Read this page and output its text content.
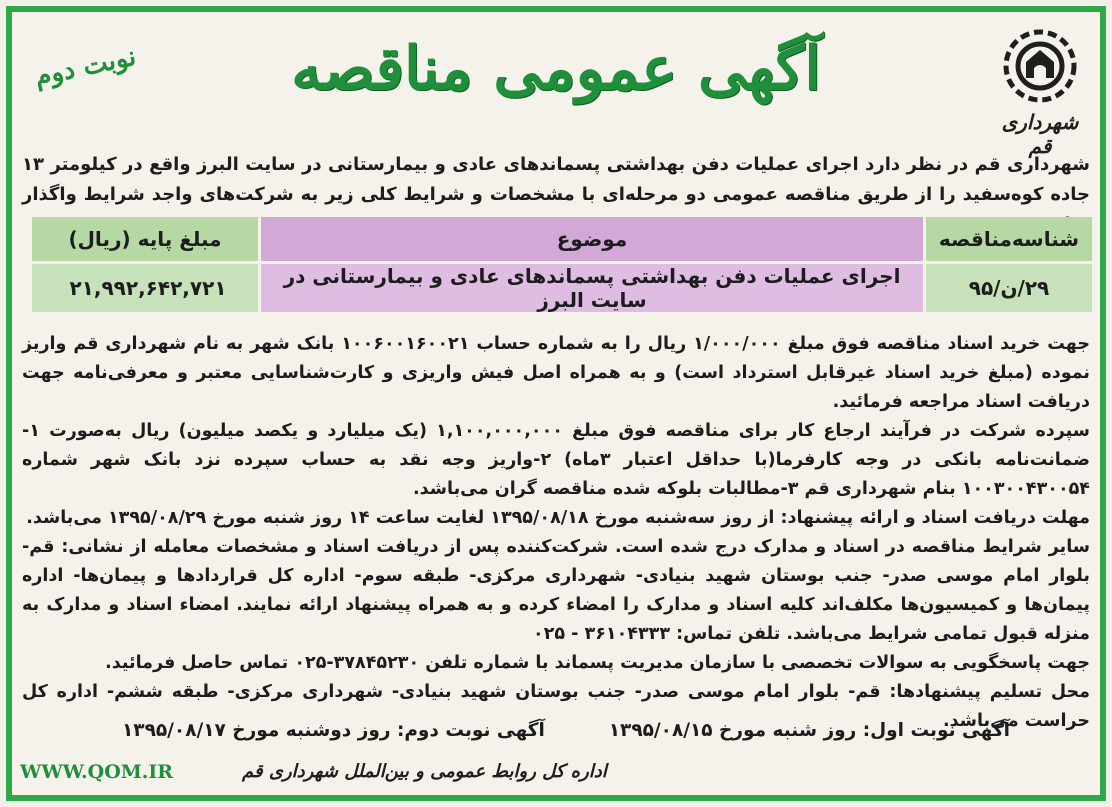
شهرداری قم
آگهی عمومی مناقصه
نوبت دوم
شهرداری قم در نظر دارد اجرای عملیات دفن بهداشتی پسماندهای عادی و بیمارستانی در سایت البرز واقع در کیلومتر ۱۳ جاده کوه‌سفید را از طریق مناقصه عمومی دو مرحله‌ای با مشخصات و شرایط کلی زیر به شرکت‌های واجد شرایط واگذار
شناسه‌مناقصه	موضوع	مبلغ پایه (ریال)
۲۹/ن/۹۵	اجرای عملیات دفن بهداشتی پسماندهای عادی و بیمارستانی در سایت البرز	۲۱,۹۹۲,۶۴۲,۷۲۱

جهت خرید اسناد مناقصه فوق مبلغ ۱/۰۰۰/۰۰۰ ریال را به شماره حساب ۱۰۰۶۰۰۱۶۰۰۲۱ بانک شهر به نام شهرداری قم واریز نموده (مبلغ خرید اسناد غیرقابل استرداد است) و به همراه اصل فیش واریزی و کارت‌شناسایی معتبر و معرفی‌نامه جهت دریافت اسناد مراجعه فرمائید.

سپرده شرکت در فرآیند ارجاع کار برای مناقصه فوق مبلغ ۱,۱۰۰,۰۰۰,۰۰۰ (یک میلیارد و یکصد میلیون) ریال به‌صورت ۱-ضمانت‌نامه بانکی در وجه کارفرما(با حداقل اعتبار ۳ماه) ۲-واریز وجه نقد به حساب سپرده نزد بانک شهر شماره ۱۰۰۳۰۰۴۳۰۰۵۴ بنام شهرداری قم ۳-مطالبات بلوکه شده مناقصه گران می‌باشد.

مهلت دریافت اسناد و ارائه پیشنهاد: از روز سه‌شنبه مورخ ۱۳۹۵/۰۸/۱۸ لغایت ساعت ۱۴ روز شنبه مورخ ۱۳۹۵/۰۸/۲۹ می‌باشد.

سایر شرایط مناقصه در اسناد و مدارک درج شده است. شرکت‌کننده پس از دریافت اسناد و مشخصات معامله از نشانی: قم- بلوار امام موسی صدر- جنب بوستان شهید بنیادی- شهرداری مرکزی- طبقه سوم- اداره کل قراردادها و پیمان‌ها- اداره پیمان‌ها و کمیسیون‌ها مکلف‌اند کلیه اسناد و مدارک را امضاء کرده و به همراه پیشنهاد ارائه نمایند. امضاء اسناد و مدارک به منزله قبول تمامی شرایط می‌باشد. تلفن تماس: ۳۶۱۰۴۳۳۳ - ۰۲۵

جهت پاسخگویی به سوالات تخصصی با سازمان مدیریت پسماند با شماره تلفن ۳۷۸۴۵۲۳۰-۰۲۵ تماس حاصل فرمائید.

محل تسلیم پیشنهادها: قم- بلوار امام موسی صدر- جنب بوستان شهید بنیادی- شهرداری مرکزی- طبقه ششم- اداره کل حراست می‌باشد.

آگهی نوبت اول: روز شنبه مورخ ۱۳۹۵/۰۸/۱۵
آگهی نوبت دوم: روز دوشنبه مورخ ۱۳۹۵/۰۸/۱۷
اداره کل روابط عمومی و بین‌الملل شهرداری قم
WWW.QOM.IR
